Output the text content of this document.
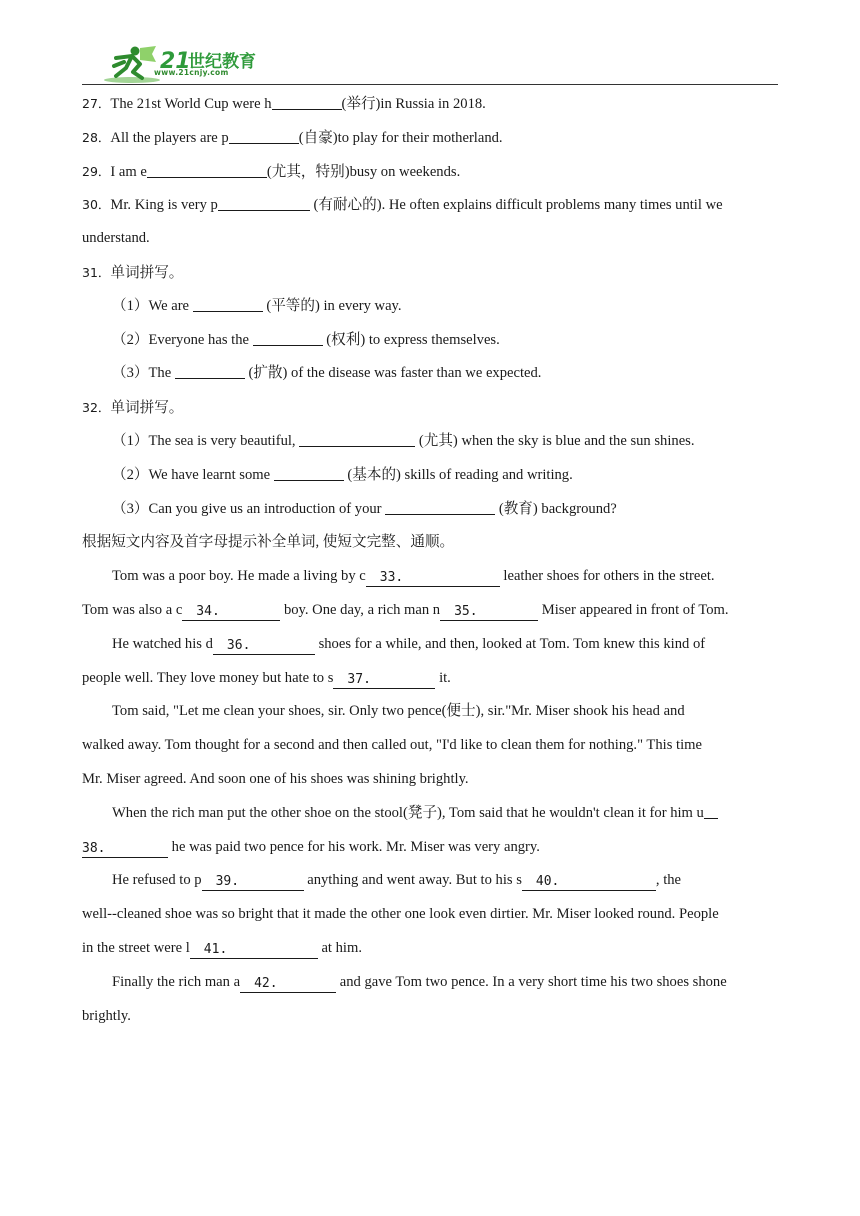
21
世纪教育
www.21cnjy.com
27．The 21st World Cup were h	(举行)in Russia in 2018.
28．All the players are p	(自豪)to play for their motherland.
29．I am e	(尤其，特别)busy on weekends.
30．Mr. King is very p	(有耐心的). He often explains difficult problems many times until we
understand.
31．单词拼写。
（1）We are	(平等的) in every way.
（2）Everyone has the	(权利) to express themselves.
（3）The	(扩散) of the disease was faster than we expected.
32．单词拼写。
（1）The sea is very beautiful,	(尤其) when the sky is blue and the sun shines.
（2）We have learnt some	(基本的) skills of reading and writing.
（3）Can you give us an introduction of your	(教育) background?
根据短文内容及首字母提示补全单词, 使短文完整、通顺。
Tom was a poor boy. He made a living by c 33.	leather shoes for others in the street.
Tom was also a c 34.	boy. One day, a rich man n 35.	Miser appeared in front of Tom.
He watched his d 36.	shoes for a while, and then, looked at Tom. Tom knew this kind of
people well. They love money but hate to s 37.	it.
Tom said, "Let me clean your shoes, sir. Only two pence(便士), sir."Mr. Miser shook his head and
walked away. Tom thought for a second and then called out, "I'd like to clean them for nothing." This time
Mr. Miser agreed. And soon one of his shoes was shining brightly.
When the rich man put the other shoe on the stool(凳子), Tom said that he wouldn't clean it for him u
38.	he was paid two pence for his work. Mr. Miser was very angry.
He refused to p 39.	anything and went away. But to his s 40.	, the
well--cleaned shoe was so bright that it made the other one look even dirtier. Mr. Miser looked round. People
in the street were l 41.	at him.
Finally the rich man a 42.	and gave Tom two pence. In a very short time his two shoes shone
brightly.
